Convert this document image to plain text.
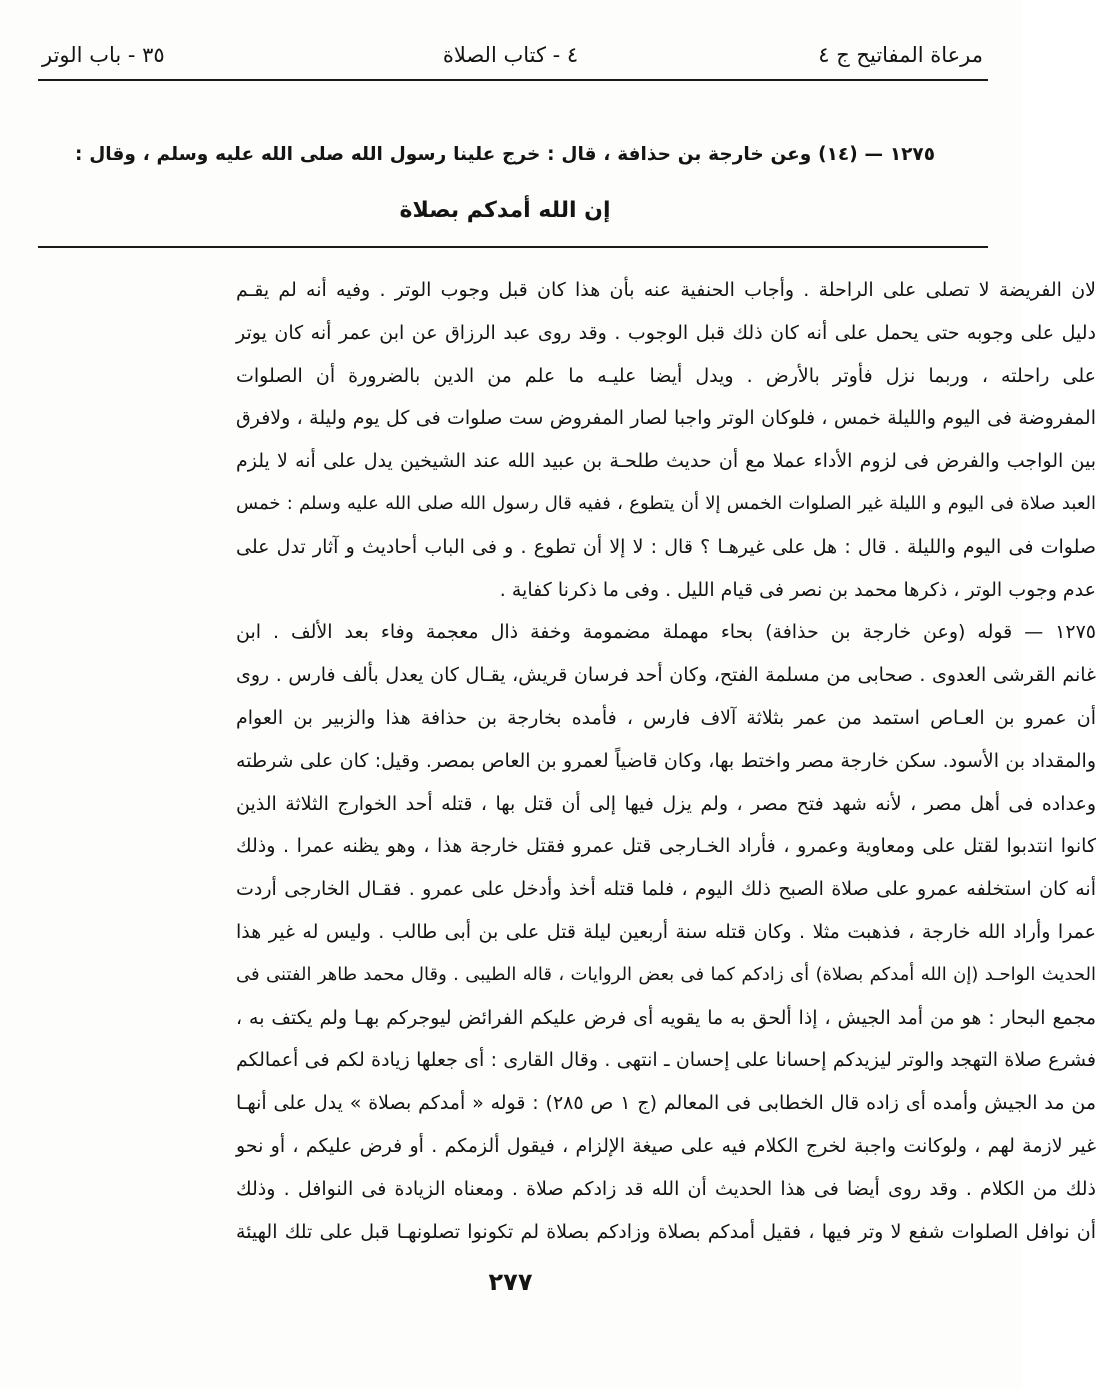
مرعاة المفاتيح ج ٤
٤ - كتاب الصلاة
٣٥ - باب الوتر
١٢٧٥ — (١٤) وعن خارجة بن حذافة ، قال : خرج علينا رسول الله صلى الله عليه وسلم ، وقال :
إن الله أمدكم بصلاة
لان الفريضة لا تصلى على الراحلة . وأجاب الحنفية عنه بأن هذا كان قبل وجوب الوتر . وفيه أنه لم يقـم
دليل على وجوبه حتى يحمل على أنه كان ذلك قبل الوجوب . وقد روى عبد الرزاق عن ابن عمر أنه كان يوتر
على راحلته ، وربما نزل فأوتر بالأرض . ويدل أيضا عليـه ما علم من الدين بالضرورة أن الصلوات
المفروضة فى اليوم والليلة خمس ، فلوكان الوتر واجبا لصار المفروض ست صلوات فى كل يوم وليلة ، ولافرق
بين الواجب والفرض فى لزوم الأداء عملا مع أن حديث طلحـة بن عبيد الله عند الشيخين يدل على أنه لا يلزم
العبد صلاة فى اليوم و الليلة غير الصلوات الخمس إلا أن يتطوع ، ففيه قال رسول الله صلى الله عليه وسلم : خمس
صلوات فى اليوم والليلة . قال : هل على غيرهـا ؟ قال : لا إلا أن تطوع . و فى الباب أحاديث و آثار تدل على
عدم وجوب الوتر ، ذكرها محمد بن نصر فى قيام الليل . وفى ما ذكرنا كفاية .
١٢٧٥ — قوله (وعن خارجة بن حذافة) بحاء مهملة مضمومة وخفة ذال معجمة وفاء بعد الألف . ابن
غانم القرشى العدوى . صحابى من مسلمة الفتح، وكان أحد فرسان قريش، يقـال كان يعدل بألف فارس . روى
أن عمرو بن العـاص استمد من عمر بثلاثة آلاف فارس ، فأمده بخارجة بن حذافة هذا والزبير بن العوام
والمقداد بن الأسود. سكن خارجة مصر واختط بها، وكان قاضياً لعمرو بن العاص بمصر. وقيل: كان على شرطته
وعداده فى أهل مصر ، لأنه شهد فتح مصر ، ولم يزل فيها إلى أن قتل بها ، قتله أحد الخوارج الثلاثة الذين
كانوا انتدبوا لقتل على ومعاوية وعمرو ، فأراد الخـارجى قتل عمرو فقتل خارجة هذا ، وهو يظنه عمرا . وذلك
أنه كان استخلفه عمرو على صلاة الصبح ذلك اليوم ، فلما قتله أخذ وأدخل على عمرو . فقـال الخارجى أردت
عمرا وأراد الله خارجة ، فذهبت مثلا . وكان قتله سنة أربعين ليلة قتل على بن أبى طالب . وليس له غير هذا
الحديث الواحـد (إن الله أمدكم بصلاة) أى زادكم كما فى بعض الروايات ، قاله الطيبى . وقال محمد طاهر الفتنى فى
مجمع البحار : هو من أمد الجيش ، إذا ألحق به ما يقويه أى فرض عليكم الفرائض ليوجركم بهـا ولم يكتف به ،
فشرع صلاة التهجد والوتر ليزيدكم إحسانا على إحسان ـ انتهى . وقال القارى : أى جعلها زيادة لكم فى أعمالكم
من مد الجيش وأمده أى زاده قال الخطابى فى المعالم (ج ١ ص ٢٨٥) : قوله « أمدكم بصلاة » يدل على أنهـا
غير لازمة لهم ، ولوكانت واجبة لخرج الكلام فيه على صيغة الإلزام ، فيقول ألزمكم . أو فرض عليكم ، أو نحو
ذلك من الكلام . وقد روى أيضا فى هذا الحديث أن الله قد زادكم صلاة . ومعناه الزيادة فى النوافل . وذلك
أن نوافل الصلوات شفع لا وتر فيها ، فقيل أمدكم بصلاة وزادكم بصلاة لم تكونوا تصلونهـا قبل على تلك الهيئة
٢٧٧
